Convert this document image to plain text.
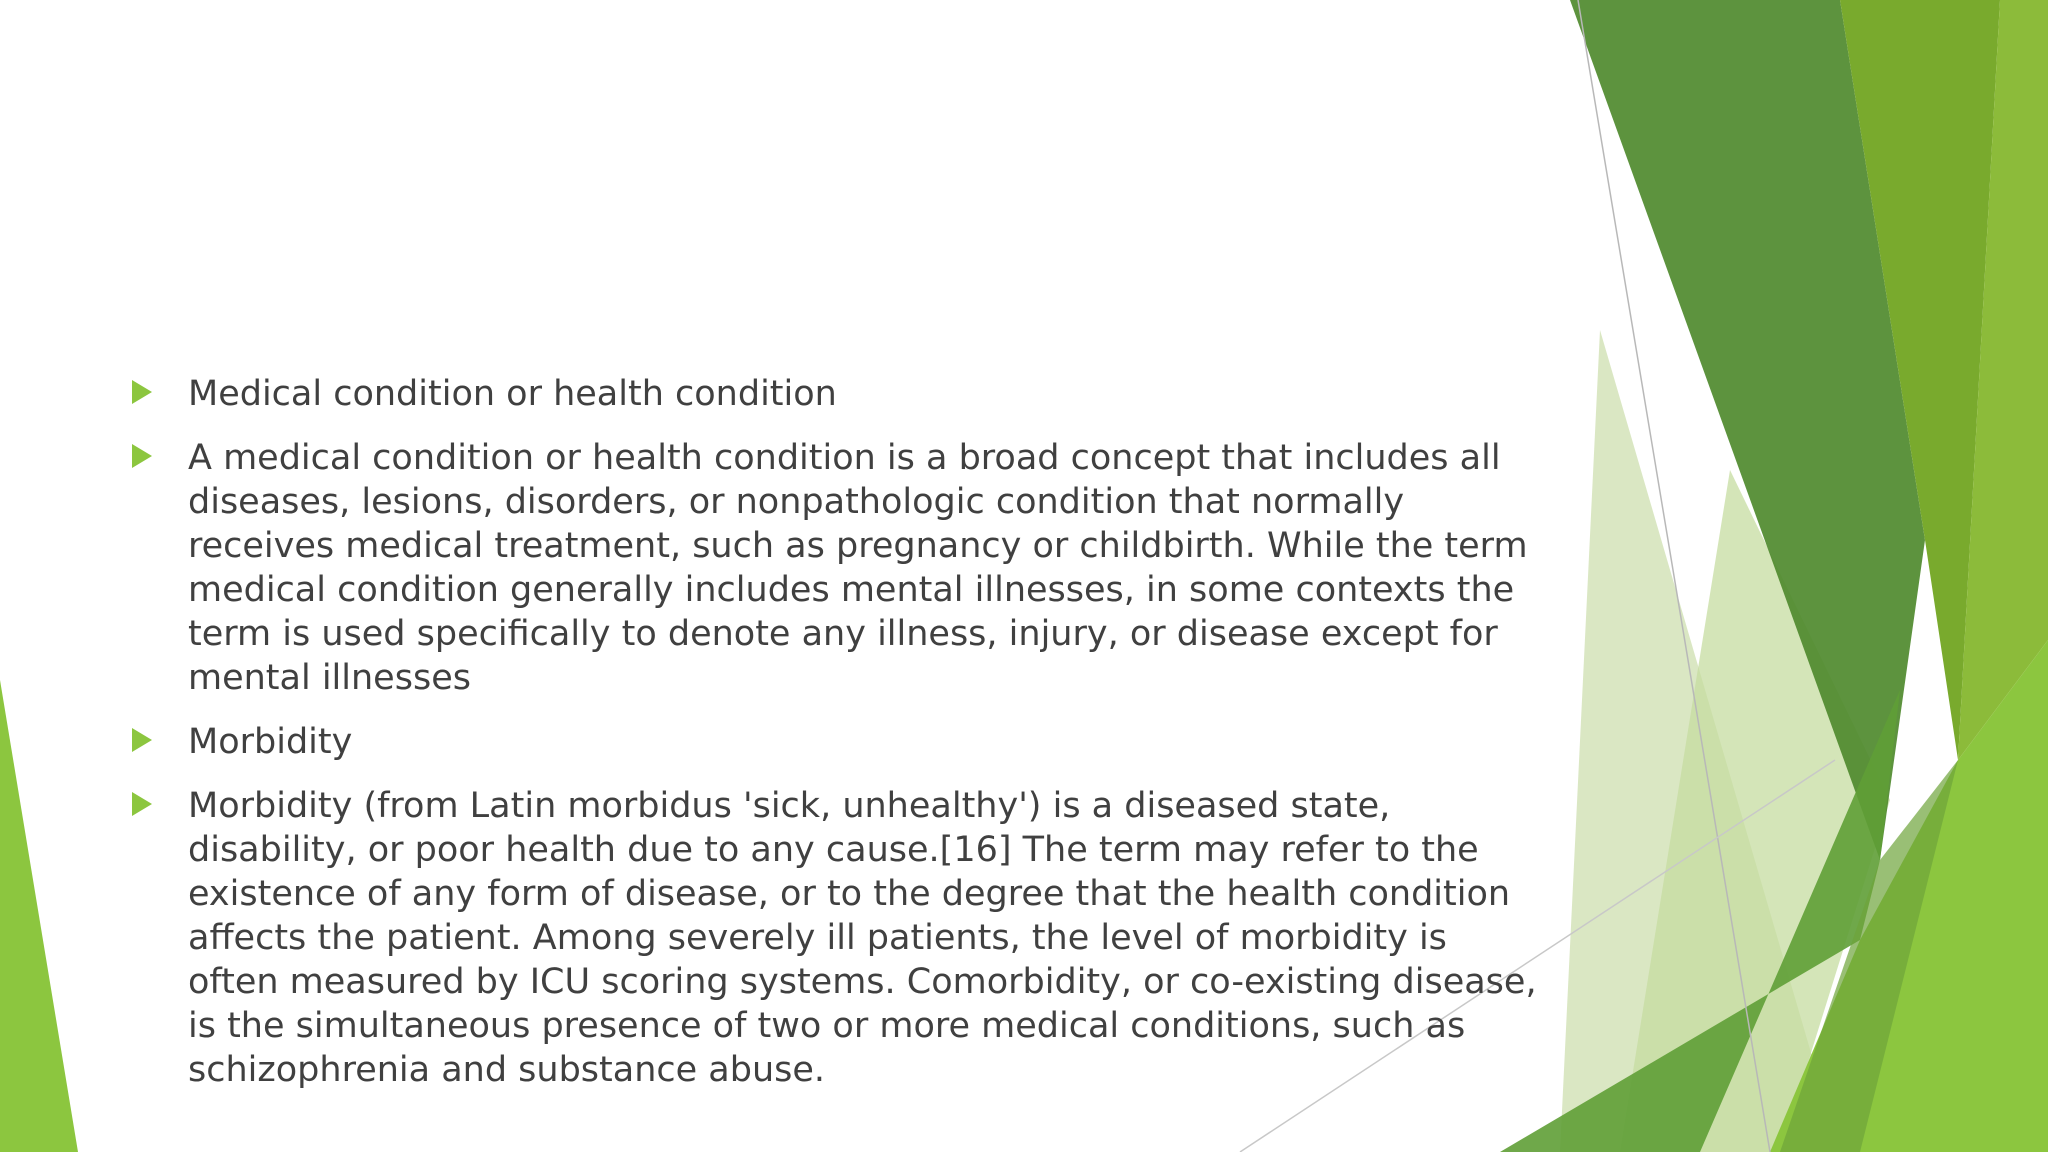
Medical condition or health condition
A medical condition or health condition is a broad concept that includes all diseases, lesions, disorders, or nonpathologic condition that normally receives medical treatment, such as pregnancy or childbirth. While the term medical condition generally includes mental illnesses, in some contexts the term is used specifically to denote any illness, injury, or disease except for mental illnesses
Morbidity
Morbidity (from Latin morbidus 'sick, unhealthy') is a diseased state, disability, or poor health due to any cause.[16] The term may refer to the existence of any form of disease, or to the degree that the health condition affects the patient. Among severely ill patients, the level of morbidity is often measured by ICU scoring systems. Comorbidity, or co-existing disease, is the simultaneous presence of two or more medical conditions, such as schizophrenia and substance abuse.
